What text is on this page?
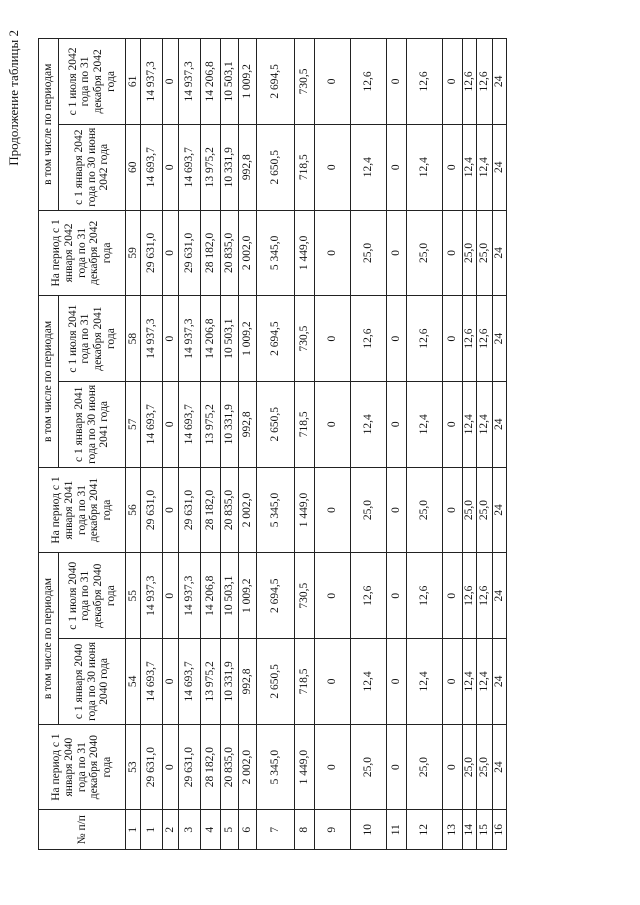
Продолжение таблицы 2
№ п/п	На период с 1 января 2040 года по 31 декабря 2040 года	в том числе по периодам		На период с 1 января 2041 года по 31 декабря 2041 года	в том числе по периодам		На период с 1 января 2042 года по 31 декабря 2042 года	в том числе по периодам	
		с 1 января 2040 года по 30 июня 2040 года	с 1 июля 2040 года по 31 декабря 2040 года		с 1 января 2041 года по 30 июня 2041 года	с 1 июля 2041 года по 31 декабря 2041 года		с 1 января 2042 года по 30 июня 2042 года	с 1 июля 2042 года по 31 декабря 2042 года
1	53	54	55	56	57	58	59	60	61
1	29 631,0	14 693,7	14 937,3	29 631,0	14 693,7	14 937,3	29 631,0	14 693,7	14 937,3
2	0	0	0	0	0	0	0	0	0
3	29 631,0	14 693,7	14 937,3	29 631,0	14 693,7	14 937,3	29 631,0	14 693,7	14 937,3
4	28 182,0	13 975,2	14 206,8	28 182,0	13 975,2	14 206,8	28 182,0	13 975,2	14 206,8
5	20 835,0	10 331,9	10 503,1	20 835,0	10 331,9	10 503,1	20 835,0	10 331,9	10 503,1
6	2 002,0	992,8	1 009,2	2 002,0	992,8	1 009,2	2 002,0	992,8	1 009,2
7	5 345,0	2 650,5	2 694,5	5 345,0	2 650,5	2 694,5	5 345,0	2 650,5	2 694,5
8	1 449,0	718,5	730,5	1 449,0	718,5	730,5	1 449,0	718,5	730,5
9	0	0	0	0	0	0	0	0	0
10	25,0	12,4	12,6	25,0	12,4	12,6	25,0	12,4	12,6
11	0	0	0	0	0	0	0	0	0
12	25,0	12,4	12,6	25,0	12,4	12,6	25,0	12,4	12,6
13	0	0	0	0	0	0	0	0	0
14	25,0	12,4	12,6	25,0	12,4	12,6	25,0	12,4	12,6
15	25,0	12,4	12,6	25,0	12,4	12,6	25,0	12,4	12,6
16	24	24	24	24	24	24	24	24	24
